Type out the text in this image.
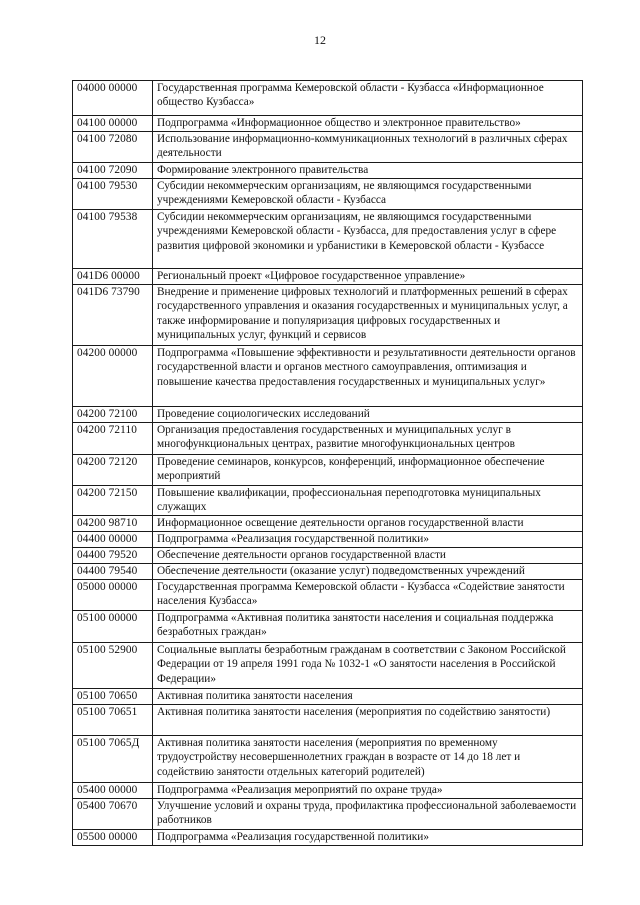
12
04000 00000	Государственная программа Кемеровской области - Кузбасса «Информационное общество Кузбасса»
04100 00000	Подпрограмма «Информационное общество и электронное правительство»
04100 72080	Использование информационно-коммуникационных технологий в различных сферах деятельности
04100 72090	Формирование электронного правительства
04100 79530	Субсидии некоммерческим организациям, не являющимся государственными учреждениями Кемеровской области - Кузбасса
04100 79538	Субсидии некоммерческим организациям, не являющимся государственными учреждениями Кемеровской области - Кузбасса, для предоставления услуг в сфере развития цифровой экономики и урбанистики в Кемеровской области - Кузбассе
041D6 00000	Региональный проект «Цифровое государственное управление»
041D6 73790	Внедрение и применение цифровых технологий и платформенных решений в сферах государственного управления и оказания государственных и муниципальных услуг, а также информирование и популяризация цифровых государственных и муниципальных услуг, функций и сервисов
04200 00000	Подпрограмма «Повышение эффективности и результативности деятельности органов государственной власти и органов местного самоуправления, оптимизация и повышение качества предоставления государственных и муниципальных услуг»
04200 72100	Проведение социологических исследований
04200 72110	Организация предоставления государственных и муниципальных услуг в многофункциональных центрах, развитие многофункциональных центров
04200 72120	Проведение семинаров, конкурсов, конференций, информационное обеспечение мероприятий
04200 72150	Повышение квалификации, профессиональная переподготовка муниципальных служащих
04200 98710	Информационное освещение деятельности органов государственной власти
04400 00000	Подпрограмма «Реализация государственной политики»
04400 79520	Обеспечение деятельности органов государственной власти
04400 79540	Обеспечение деятельности (оказание услуг) подведомственных учреждений
05000 00000	Государственная программа Кемеровской области - Кузбасса «Содействие занятости населения Кузбасса»
05100 00000	Подпрограмма «Активная политика занятости населения и социальная поддержка безработных граждан»
05100 52900	Социальные выплаты безработным гражданам в соответствии с Законом Российской Федерации от 19 апреля 1991 года № 1032-1 «О занятости населения в Российской Федерации»
05100 70650	Активная политика занятости населения
05100 70651	Активная политика занятости населения (мероприятия по содействию занятости)
05100 7065Д	Активная политика занятости населения (мероприятия по временному трудоустройству несовершеннолетних граждан в возрасте от 14 до 18 лет и содействию занятости отдельных категорий родителей)
05400 00000	Подпрограмма «Реализация мероприятий по охране труда»
05400 70670	Улучшение условий и охраны труда, профилактика профессиональной заболеваемости работников
05500 00000	Подпрограмма «Реализация государственной политики»
